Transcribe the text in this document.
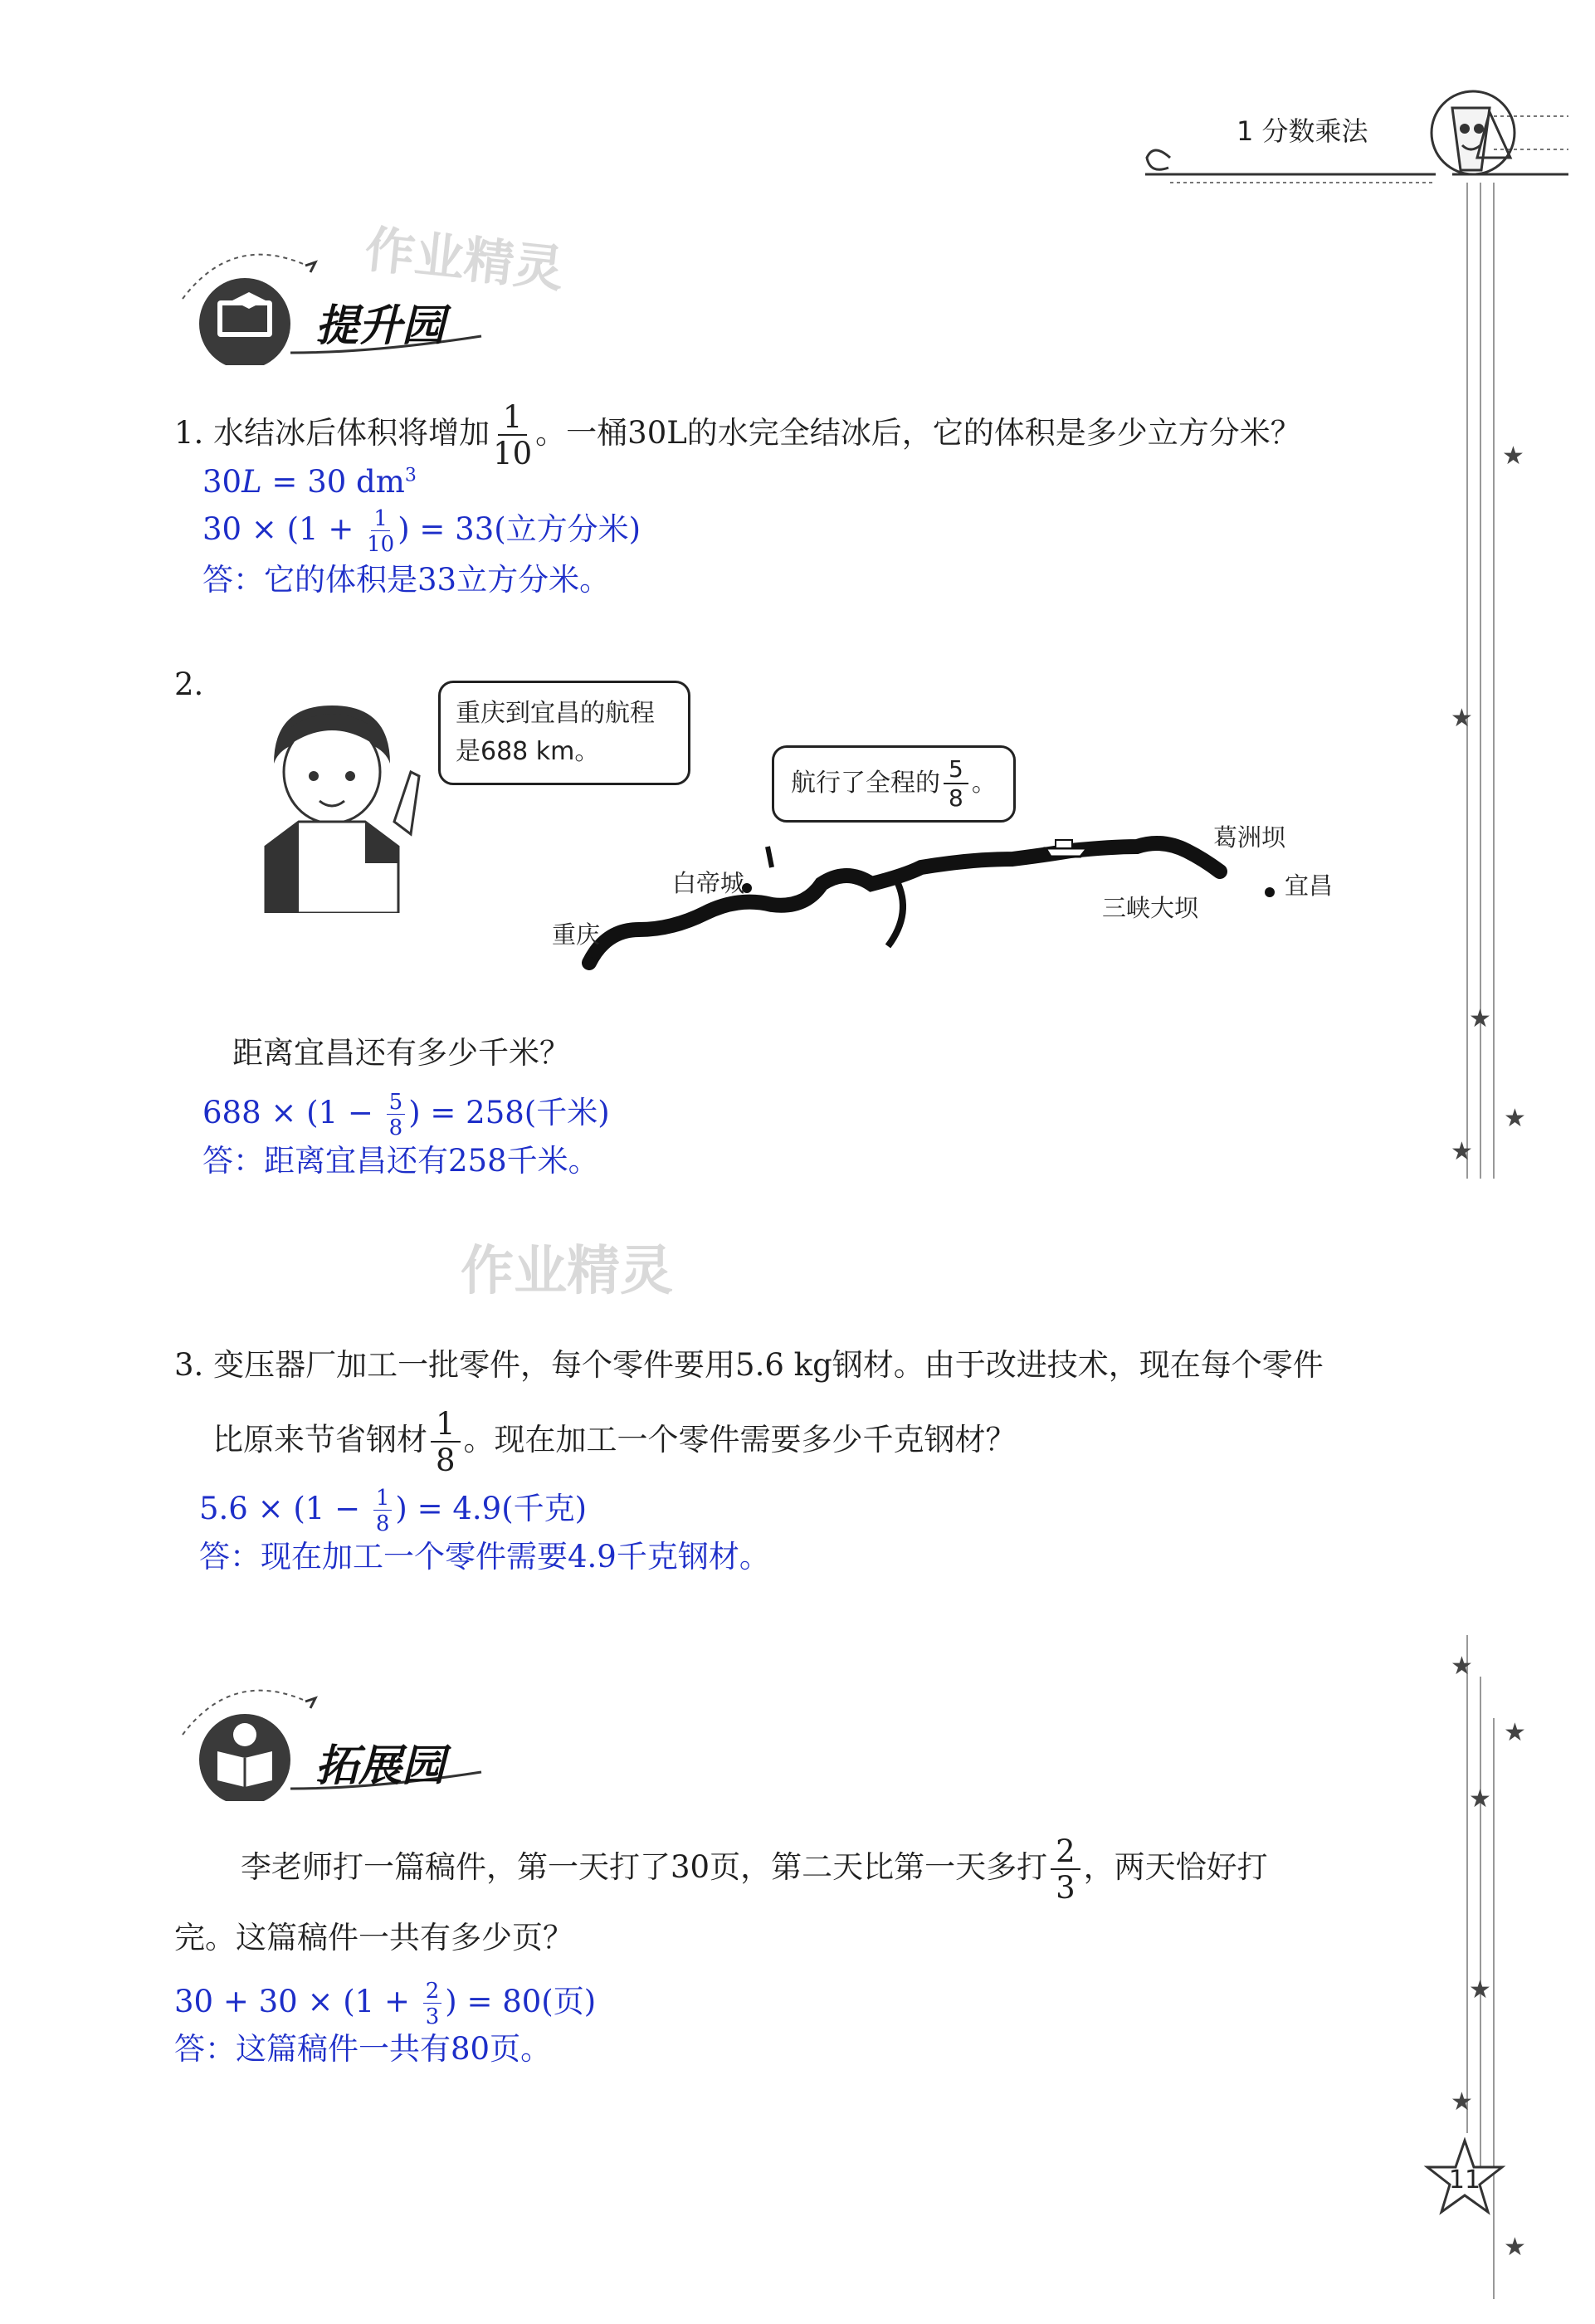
1 分数乘法
★
★
★
★
★
★
★
★
★
★
★
作业精灵
作业精灵
提升园
1. 水结冰后体积将增加 $\frac{1}{10}$ 。一桶30L的水完全结冰后，它的体积是多少立方分米？
30L = 30 $dm^3$
$30 \times (1 + \frac{1}{10}$ ) = 33(立方分米)
答：它的体积是33立方分米。
2.
重庆到宜昌的航程是688 km。
航行了全程的 $\frac{5}{8}$ 。
白帝城
重庆
葛洲坝
宜昌
三峡大坝
距离宜昌还有多少千米？
$688 \times (1 - \frac{5}{8}$ ) = 258(千米)
答：距离宜昌还有258千米。
3. 变压器厂加工一批零件，每个零件要用5.6 kg钢材。由于改进技术，现在每个零件
比原来节省钢材 $\frac{1}{8}$ 。现在加工一个零件需要多少千克钢材？
$5.6 \times (1 - \frac{1}{8}$ ) = 4.9(千克)
答：现在加工一个零件需要4.9千克钢材。
拓展园
李老师打一篇稿件，第一天打了30页，第二天比第一天多打 $\frac{2}{3}$ ，两天恰好打
完。这篇稿件一共有多少页？
$30 + 30 \times (1 + \frac{2}{3}$ ) = 80(页)
答：这篇稿件一共有80页。
11
